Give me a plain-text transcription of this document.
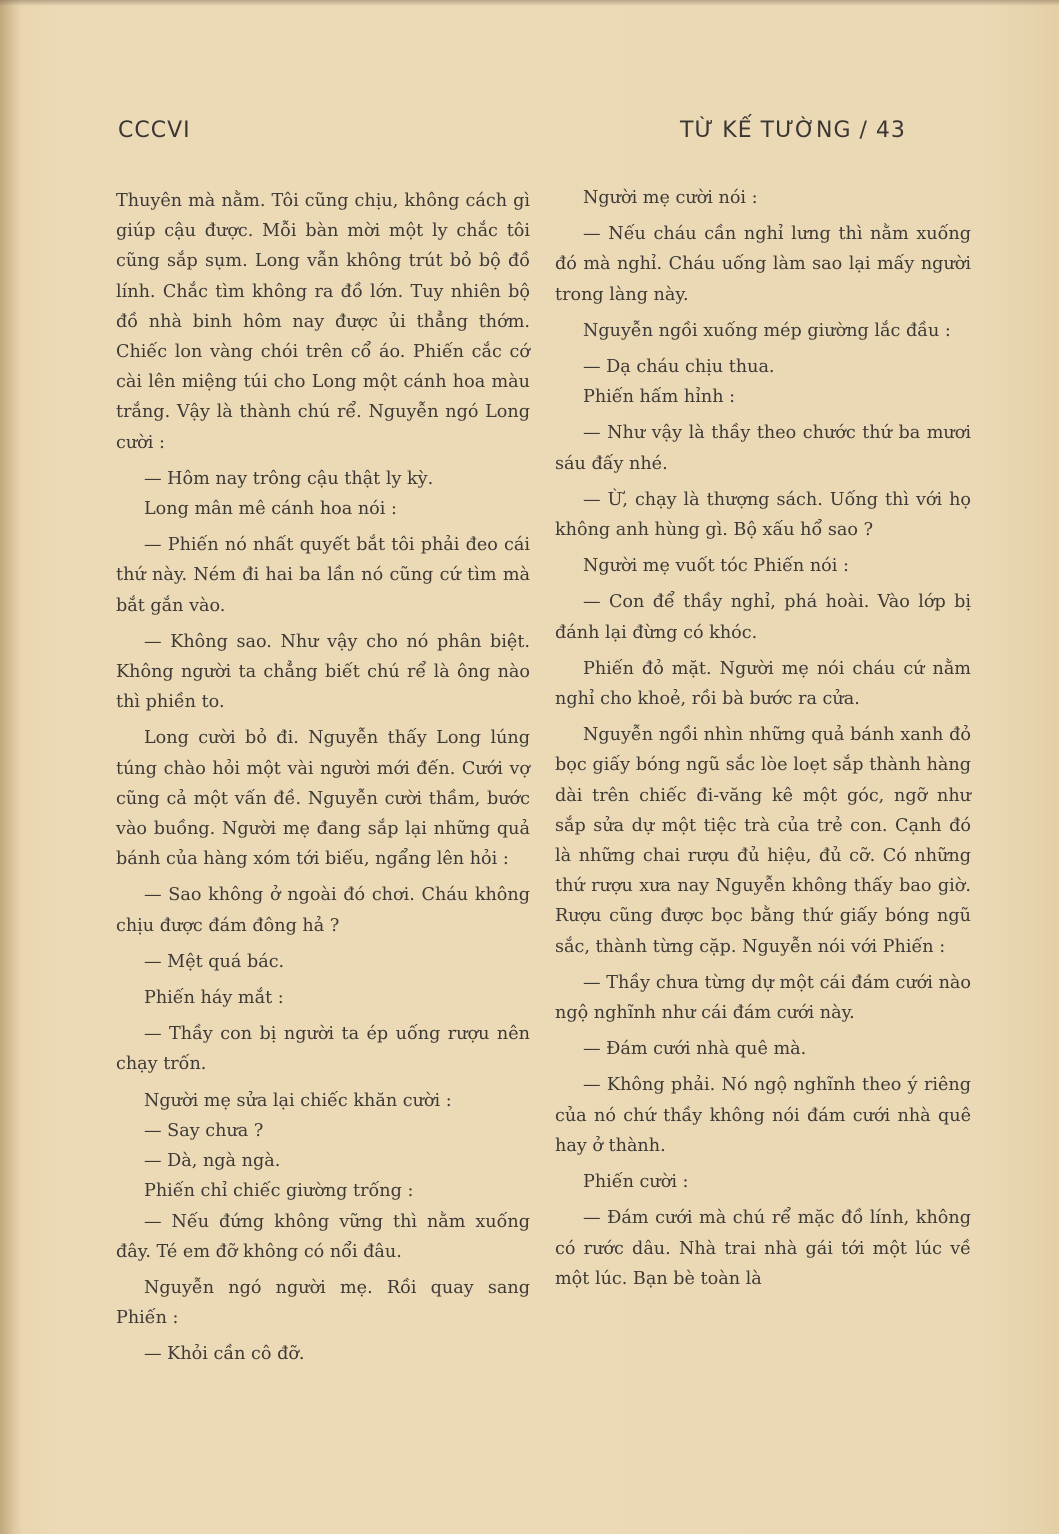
CCCVI	TỪ KẾ TƯỜNG / 43

Thuyên mà nằm. Tôi cũng chịu, không cách gì giúp cậu được. Mỗi bàn mời một ly chắc tôi cũng sắp sụm. Long vẫn không trút bỏ bộ đồ lính. Chắc tìm không ra đồ lớn. Tuy nhiên bộ đồ nhà binh hôm nay được ủi thẳng thớm. Chiếc lon vàng chói trên cổ áo. Phiến cắc cớ cài lên miệng túi cho Long một cánh hoa màu trắng. Vậy là thành chú rể. Nguyễn ngó Long cười :

— Hôm nay trông cậu thật ly kỳ.

Long mân mê cánh hoa nói :

— Phiến nó nhất quyết bắt tôi phải đeo cái thứ này. Ném đi hai ba lần nó cũng cứ tìm mà bắt gắn vào.

— Không sao. Như vậy cho nó phân biệt. Không người ta chẳng biết chú rể là ông nào thì phiền to.

Long cười bỏ đi. Nguyễn thấy Long lúng túng chào hỏi một vài người mới đến. Cưới vợ cũng cả một vấn đề. Nguyễn cười thầm, bước vào buồng. Người mẹ đang sắp lại những quả bánh của hàng xóm tới biếu, ngẩng lên hỏi :

— Sao không ở ngoài đó chơi. Cháu không chịu được đám đông hả ?

— Mệt quá bác.

Phiến háy mắt :

— Thầy con bị người ta ép uống rượu nên chạy trốn.

Người mẹ sửa lại chiếc khăn cười :

— Say chưa ?

— Dà, ngà ngà.

Phiến chỉ chiếc giường trống :

— Nếu đứng không vững thì nằm xuống đây. Té em đỡ không có nổi đâu.

Nguyễn ngó người mẹ. Rồi quay sang Phiến :

— Khỏi cần cô đỡ.

Người mẹ cười nói :

— Nếu cháu cần nghỉ lưng thì nằm xuống đó mà nghỉ. Cháu uống làm sao lại mấy người trong làng này.

Nguyễn ngồi xuống mép giường lắc đầu :

— Dạ cháu chịu thua.

Phiến hấm hỉnh :

— Như vậy là thầy theo chước thứ ba mươi sáu đấy nhé.

— Ừ, chạy là thượng sách. Uống thì với họ không anh hùng gì. Bộ xấu hổ sao ?

Người mẹ vuốt tóc Phiến nói :

— Con để thầy nghỉ, phá hoài. Vào lớp bị đánh lại đừng có khóc.

Phiến đỏ mặt. Người mẹ nói cháu cứ nằm nghỉ cho khoẻ, rồi bà bước ra cửa.

Nguyễn ngồi nhìn những quả bánh xanh đỏ bọc giấy bóng ngũ sắc lòe loẹt sắp thành hàng dài trên chiếc đi-văng kê một góc, ngỡ như sắp sửa dự một tiệc trà của trẻ con. Cạnh đó là những chai rượu đủ hiệu, đủ cỡ. Có những thứ rượu xưa nay Nguyễn không thấy bao giờ. Rượu cũng được bọc bằng thứ giấy bóng ngũ sắc, thành từng cặp. Nguyễn nói với Phiến :

— Thầy chưa từng dự một cái đám cưới nào ngộ nghĩnh như cái đám cưới này.

— Đám cưới nhà quê mà.

— Không phải. Nó ngộ nghĩnh theo ý riêng của nó chứ thầy không nói đám cưới nhà quê hay ở thành.

Phiến cười :

— Đám cưới mà chú rể mặc đồ lính, không có rước dâu. Nhà trai nhà gái tới một lúc về một lúc. Bạn bè toàn là
